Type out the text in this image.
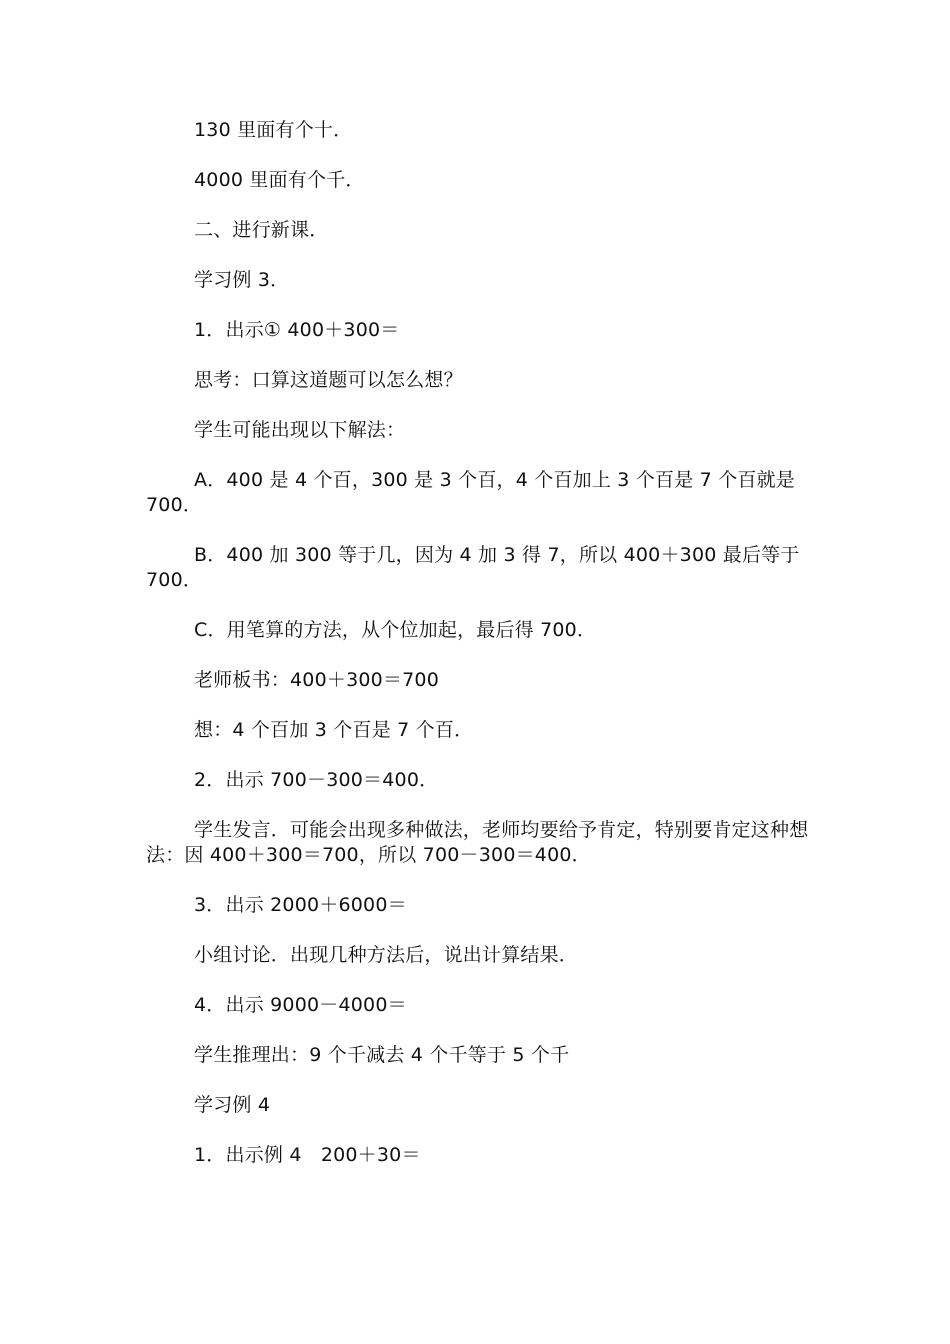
130 里面有个十．

4000 里面有个千．

二、进行新课．

学习例 3．

1．出示① 400＋300＝

思考：口算这道题可以怎么想？

学生可能出现以下解法：

A．400 是 4 个百，300 是 3 个百，4 个百加上 3 个百是 7 个百就是 700．

B．400 加 300 等于几，因为 4 加 3 得 7，所以 400＋300 最后等于 700．

C．用笔算的方法，从个位加起，最后得 700．

老师板书：400＋300＝700

想：4 个百加 3 个百是 7 个百．

2．出示 700－300＝400．

学生发言．可能会出现多种做法，老师均要给予肯定，特别要肯定这种想法：因 400＋300＝700，所以 700－300＝400．

3．出示 2000＋6000＝

小组讨论．出现几种方法后，说出计算结果．

4．出示 9000－4000＝

学生推理出：9 个千减去 4 个千等于 5 个千

学习例 4

1．出示例 4　200＋30＝
